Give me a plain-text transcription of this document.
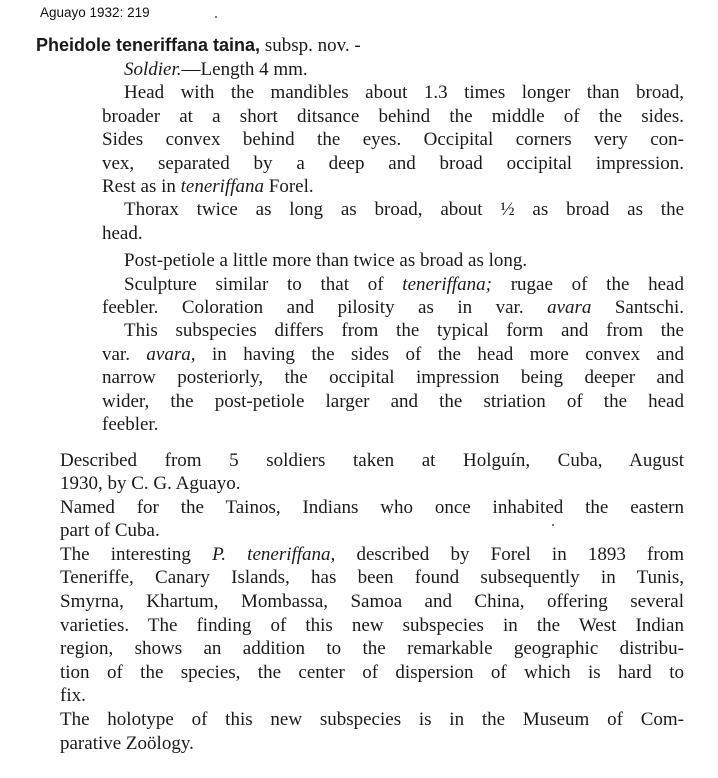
Aguayo 1932: 219
Pheidole teneriffana taina, subsp. nov. -

Soldier.—Length 4 mm.
Head with the mandibles about 1.3 times longer than broad,
broader at a short ditsance behind the middle of the sides.
Sides convex behind the eyes. Occipital corners very con-
vex, separated by a deep and broad occipital impression.
Rest as in teneriffana Forel.
Thorax twice as long as broad, about ½ as broad as the
head.
Post-petiole a little more than twice as broad as long.
Sculpture similar to that of teneriffana; rugae of the head
feebler. Coloration and pilosity as in var. avara Santschi.
This subspecies differs from the typical form and from the
var. avara, in having the sides of the head more convex and
narrow posteriorly, the occipital impression being deeper and
wider, the post-petiole larger and the striation of the head
feebler.

Described from 5 soldiers taken at Holguín, Cuba, August
1930, by C. G. Aguayo.
Named for the Tainos, Indians who once inhabited the eastern
part of Cuba.
The interesting P. teneriffana, described by Forel in 1893 from
Teneriffe, Canary Islands, has been found subsequently in Tunis,
Smyrna, Khartum, Mombassa, Samoa and China, offering several
varieties. The finding of this new subspecies in the West Indian
region, shows an addition to the remarkable geographic distribu-
tion of the species, the center of dispersion of which is hard to
fix.
The holotype of this new subspecies is in the Museum of Com-
parative Zoölogy.
